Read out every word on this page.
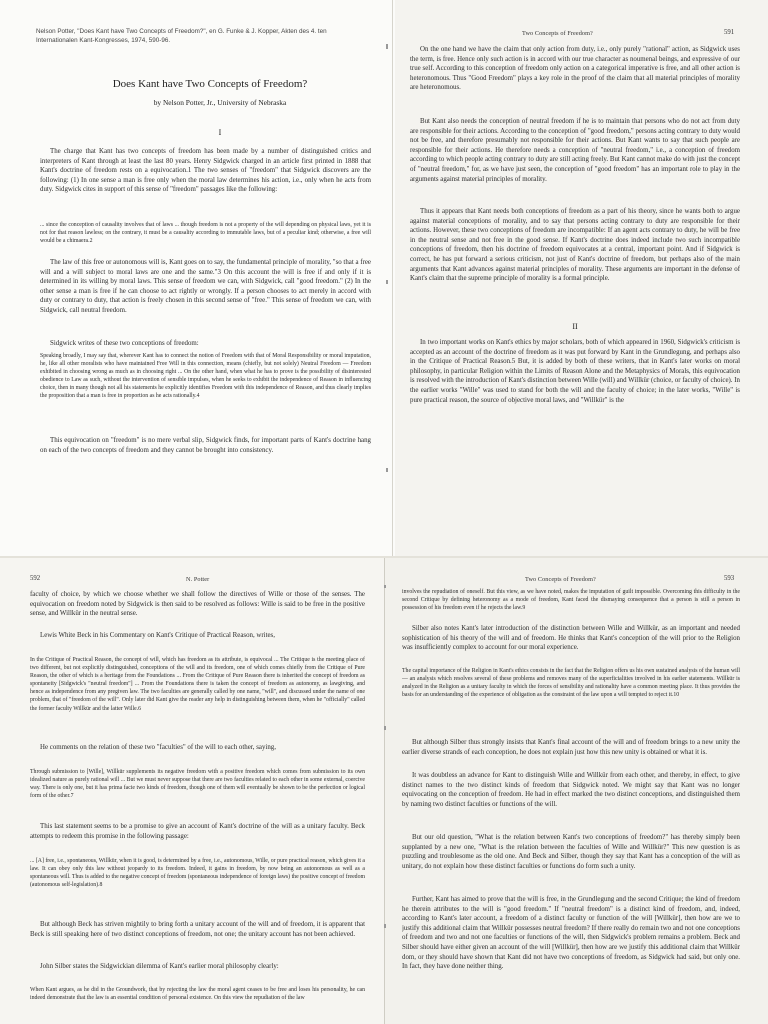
Nelson Potter, "Does Kant have Two Concepts of Freedom?", en G. Funke & J. Kopper, Akten des 4. ten Internationalen Kant-Kongresses, 1974, 590-96.
Does Kant have Two Concepts of Freedom?
by Nelson Potter, Jr., University of Nebraska
I

The charge that Kant has two concepts of freedom has been made by a number of distinguished critics and interpreters of Kant through at least the last 80 years. Henry Sidgwick charged in an article first printed in 1888 that Kant's doctrine of freedom rests on a equivocation.1 The two senses of "freedom" that Sidgwick discovers are the following: (1) In one sense a man is free only when the moral law determines his action, i.e., only when he acts from duty. Sidgwick cites in support of this sense of "freedom" passages like the following:

... since the conception of causality involves that of laws ... though freedom is not a property of the will depending on physical laws, yet it is not for that reason lawless; on the contrary, it must be a causality according to immutable laws, but of a peculiar kind; otherwise, a free will would be a chimaera.2

The law of this free or autonomous will is, Kant goes on to say, the fundamental principle of morality, "so that a free will and a will subject to moral laws are one and the same."3 On this account the will is free if and only if it is determined in its willing by moral laws. This sense of freedom we can, with Sidgwick, call "good freedom." (2) In the other sense a man is free if he can choose to act rightly or wrongly. If a person chooses to act merely in accord with duty or contrary to duty, that action is freely chosen in this second sense of "free." This sense of freedom we can, with Sidgwick, call neutral freedom.

Sidgwick writes of these two conceptions of freedom:

Speaking broadly, I may say that, wherever Kant has to connect the notion of Freedom with that of Moral Responsibility or moral imputation, he, like all other moralists who have maintained Free Will in this connection, means (chiefly, but not solely) Neutral Freedom — Freedom exhibited in choosing wrong as much as in choosing right ... On the other hand, when what he has to prove is the possibility of disinterested obedience to Law as such, without the intervention of sensible impulses, when he seeks to exhibit the independence of Reason in influencing choice, then in many though not all his statements he explicitly identifies Freedom with this independence of Reason, and thus clearly implies the proposition that a man is free in proportion as he acts rationally.4

This equivocation on "freedom" is no mere verbal slip, Sidgwick finds, for important parts of Kant's doctrine hang on each of the two concepts of freedom and they cannot be brought into consistency.

Two Concepts of Freedom?	591

On the one hand we have the claim that only action from duty, i.e., only purely "rational" action, as Sidgwick uses the term, is free. Hence only such action is in accord with our true character as noumenal beings, and expressive of our true self. According to this conception of freedom only action on a categorical imperative is free, and all other action is heteronomous. Thus "Good Freedom" plays a key role in the proof of the claim that all material principles of morality are heteronomous.

But Kant also needs the conception of neutral freedom if he is to maintain that persons who do not act from duty are responsible for their actions. According to the conception of "good freedom," persons acting contrary to duty would not be free, and therefore presumably not responsible for their actions. But Kant wants to say that such people are responsible for their actions. He therefore needs a conception of "neutral freedom," i.e., a conception of freedom according to which people acting contrary to duty are still acting freely. But Kant cannot make do with just the concept of "neutral freedom," for, as we have just seen, the conception of "good freedom" has an important role to play in the arguments against material principles of morality.

Thus it appears that Kant needs both conceptions of freedom as a part of his theory, since he wants both to argue against material conceptions of morality, and to say that persons acting contrary to duty are responsible for their actions. However, these two conceptions of freedom are incompatible: If an agent acts contrary to duty, he will be free in the neutral sense and not free in the good sense. If Kant's doctrine does indeed include two such incompatible conceptions of freedom, then his doctrine of freedom equivocates at a central, important point. And if Sidgwick is correct, he has put forward a serious criticism, not just of Kant's doctrine of freedom, but perhaps also of the main arguments that Kant advances against material principles of morality. These arguments are important in the defense of Kant's claim that the supreme principle of morality is a formal principle.

II

In two important works on Kant's ethics by major scholars, both of which appeared in 1960, Sidgwick's criticism is accepted as an account of the doctrine of freedom as it was put forward by Kant in the Grundlegung, and perhaps also in the Critique of Practical Reason.5 But, it is added by both of these writers, that in Kant's later works on moral philosophy, in particular Religion within the Limits of Reason Alone and the Metaphysics of Morals, this equivocation is resolved with the introduction of Kant's distinction between Wille (will) and Willkür (choice, or faculty of choice). In the earlier works "Wille" was used to stand for both the will and the faculty of choice; in the later works, "Wille" is pure practical reason, the source of objective moral laws, and "Willkür" is the

592	N. Potter

faculty of choice, by which we choose whether we shall follow the directives of Wille or those of the senses. The equivocation on freedom noted by Sidgwick is then said to be resolved as follows: Wille is said to be free in the positive sense, and Willkür in the neutral sense.

Lewis White Beck in his Commentary on Kant's Critique of Practical Reason, writes,

In the Critique of Practical Reason, the concept of will, which has freedom as its attribute, is equivocal ... The Critique is the meeting place of two different, but not explicitly distinguished, conceptions of the will and its freedom, one of which comes chiefly from the Critique of Pure Reason, the other of which is a heritage from the Foundations ... From the Critique of Pure Reason there is inherited the concept of freedom as spontaneity [Sidgwick's "neutral freedom"] ... From the Foundations there is taken the concept of freedom as autonomy, as lawgiving, and hence as independence from any pregiven law. The two faculties are generally called by one name, "will", and discussed under the name of one problem, that of "freedom of the will". Only later did Kant give the reader any help in distinguishing between them, when he "officially" called the former faculty Willkür and the latter Wille.6

He comments on the relation of these two "faculties" of the will to each other, saying,

Through submission to [Wille], Willkür supplements its negative freedom with a positive freedom which comes from submission to its own idealized nature as purely rational will ... But we must never suppose that there are two faculties related to each other in some external, coercive way. There is only one, but it has prima facie two kinds of freedom, though one of them will eventually be shown to be the perfection or logical form of the other.7

This last statement seems to be a promise to give an account of Kant's doctrine of the will as a unitary faculty. Beck attempts to redeem this promise in the following passage:

... [A] free, i.e., spontaneous, Willkür, when it is good, is determined by a free, i.e., autonomous, Wille, or pure practical reason, which gives it a law. It can obey only this law without jeopardy to its freedom. Indeed, it gains in freedom, by now being an autonomous as well as a spontaneous will. Thus is added to the negative concept of freedom (spontaneous independence of foreign laws) the positive concept of freedom (autonomous self-legislation).8

But although Beck has striven mightily to bring forth a unitary account of the will and of freedom, it is apparent that Beck is still speaking here of two distinct conceptions of freedom, not one; the unitary account has not been achieved.

John Silber states the Sidgwickian dilemma of Kant's earlier moral philosophy clearly:

When Kant argues, as he did in the Groundwork, that by rejecting the law the moral agent ceases to be free and loses his personality, he can indeed demonstrate that the law is an essential condition of personal existence. On this view the repudiation of the law

Two Concepts of Freedom?	593

involves the repudiation of oneself. But this view, as we have noted, makes the imputation of guilt impossible. Overcoming this difficulty in the second Critique by defining heteronomy as a mode of freedom, Kant faced the dismaying consequence that a person is still a person in possession of his freedom even if he rejects the law.9

Silber also notes Kant's later introduction of the distinction between Wille and Willkür, as an important and needed sophistication of his theory of the will and of freedom. He thinks that Kant's conception of the will prior to the Religion was insufficiently complex to account for our moral experience.

The capital importance of the Religion in Kant's ethics consists in the fact that the Religion offers us his own sustained analysis of the human will — an analysis which resolves several of these problems and removes many of the superficialities involved in his earlier statements. Willkür is analyzed in the Religion as a unitary faculty in which the forces of sensibility and rationality have a common meeting place. It thus provides the basis for an understanding of the experience of obligation as the constraint of the law upon a will tempted to reject it.10

But although Silber thus strongly insists that Kant's final account of the will and of freedom brings to a new unity the earlier diverse strands of each conception, he does not explain just how this new unity is obtained or what it is.

It was doubtless an advance for Kant to distinguish Wille and Willkür from each other, and thereby, in effect, to give distinct names to the two distinct kinds of freedom that Sidgwick noted. We might say that Kant was no longer equivocating on the conception of freedom. He had in effect marked the two distinct conceptions, and distinguished them by naming two distinct faculties or functions of the will.

But our old question, "What is the relation between Kant's two conceptions of freedom?" has thereby simply been supplanted by a new one, "What is the relation between the faculties of Wille and Willkür?" This new question is as puzzling and troublesome as the old one. And Beck and Silber, though they say that Kant has a conception of the will as unitary, do not explain how these distinct faculties or functions do form such a unity.

Further, Kant has aimed to prove that the will is free, in the Grundlegung and the second Critique; the kind of freedom he therein attributes to the will is "good freedom." If "neutral freedom" is a distinct kind of freedom, and, indeed, according to Kant's later account, a freedom of a distinct faculty or function of the will [Willkür], then how are we to justify this additional claim that Willkür possesses neutral freedom? If there really do remain two and not one conceptions of freedom and two and not one faculties or functions of the will, then Sidgwick's problem remains a problem. Beck and Silber should have either given an account of the will [Willkür], then how are we justify this additional claim that Willkür dom, or they should have shown that Kant did not have two conceptions of freedom, as Sidgwick had said, but only one. In fact, they have done neither thing.
